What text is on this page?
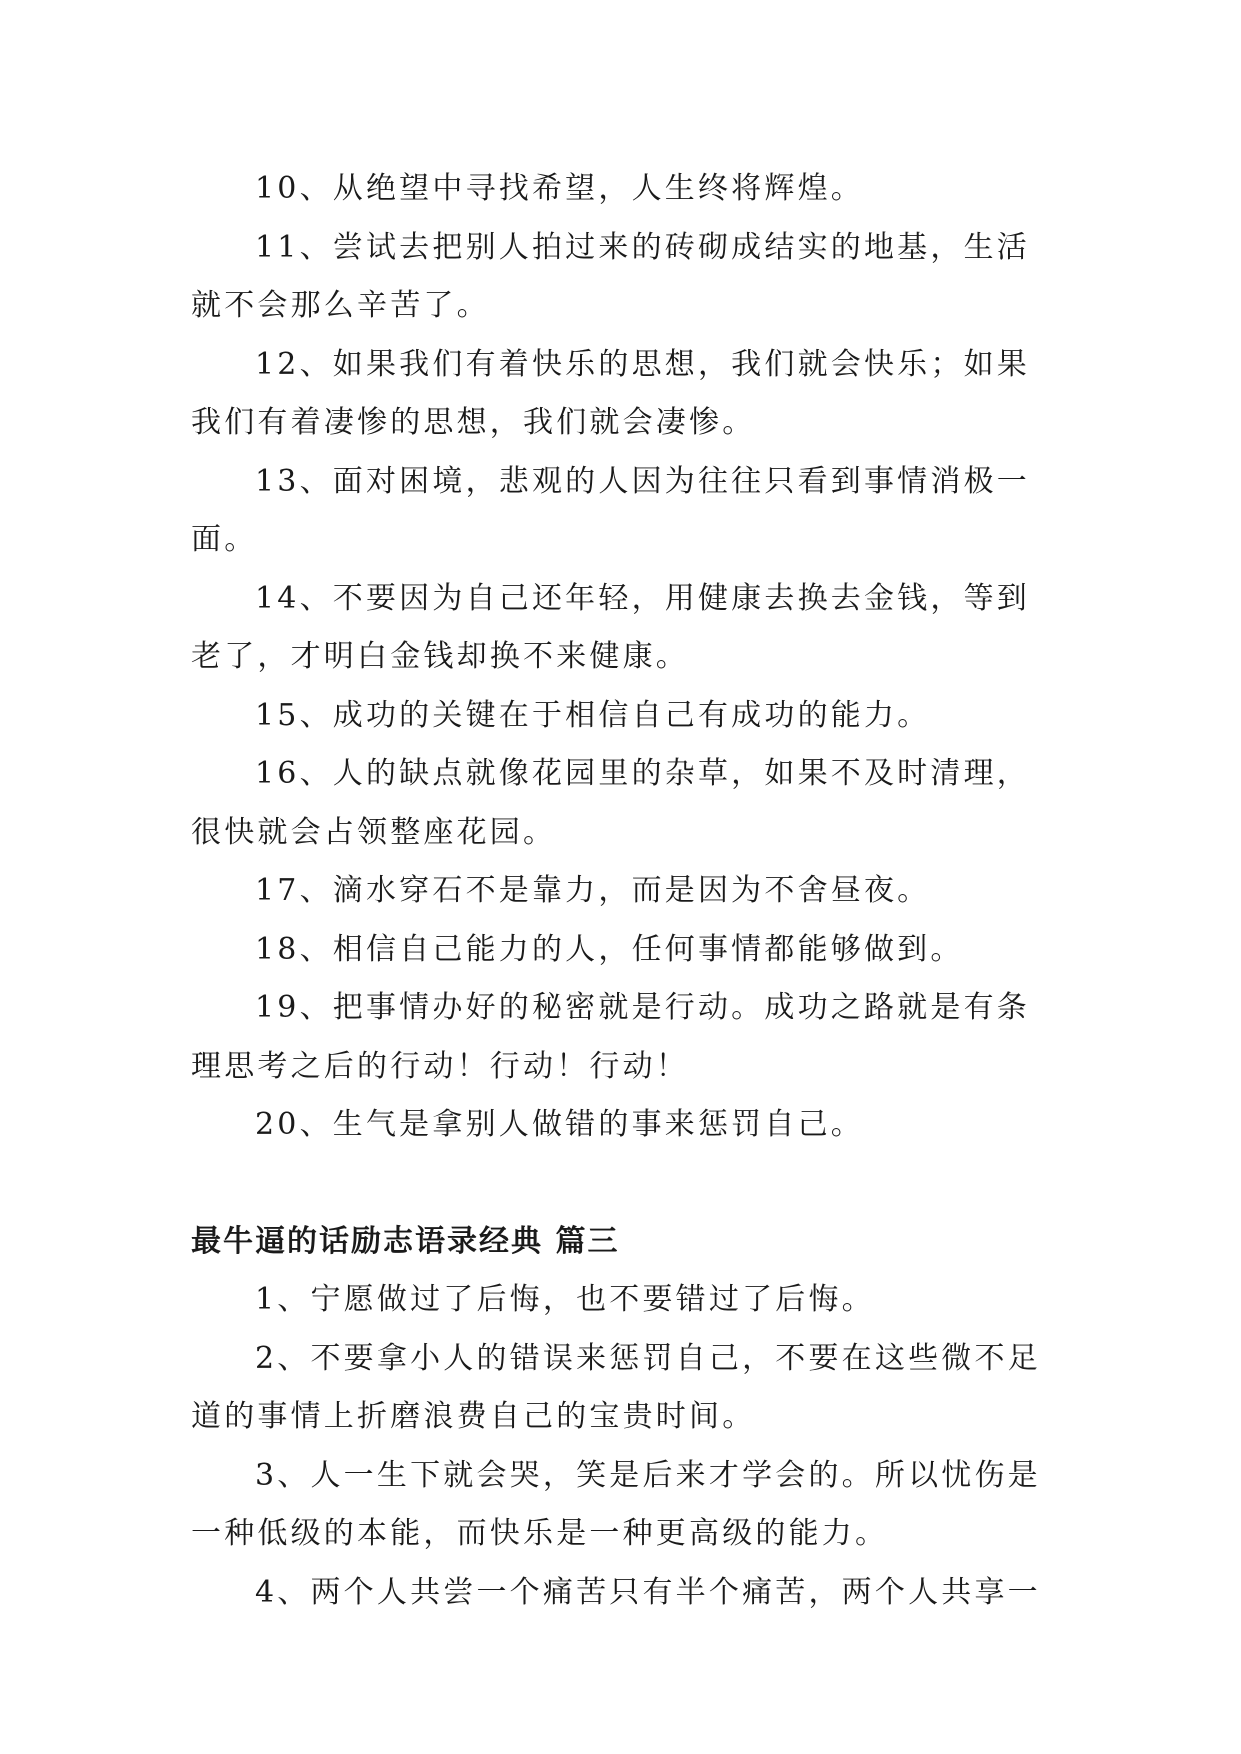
10、从绝望中寻找希望，人生终将辉煌。

11、尝试去把别人拍过来的砖砌成结实的地基，生活就不会那么辛苦了。

12、如果我们有着快乐的思想，我们就会快乐；如果我们有着凄惨的思想，我们就会凄惨。

13、面对困境，悲观的人因为往往只看到事情消极一面。

14、不要因为自己还年轻，用健康去换去金钱，等到老了，才明白金钱却换不来健康。

15、成功的关键在于相信自己有成功的能力。

16、人的缺点就像花园里的杂草，如果不及时清理，很快就会占领整座花园。

17、滴水穿石不是靠力，而是因为不舍昼夜。

18、相信自己能力的人，任何事情都能够做到。

19、把事情办好的秘密就是行动。成功之路就是有条理思考之后的行动！行动！行动！

20、生气是拿别人做错的事来惩罚自己。

最牛逼的话励志语录经典 篇三

1、宁愿做过了后悔，也不要错过了后悔。

2、不要拿小人的错误来惩罚自己，不要在这些微不足道的事情上折磨浪费自己的宝贵时间。

3、人一生下就会哭，笑是后来才学会的。所以忧伤是一种低级的本能，而快乐是一种更高级的能力。

4、两个人共尝一个痛苦只有半个痛苦，两个人共享一
